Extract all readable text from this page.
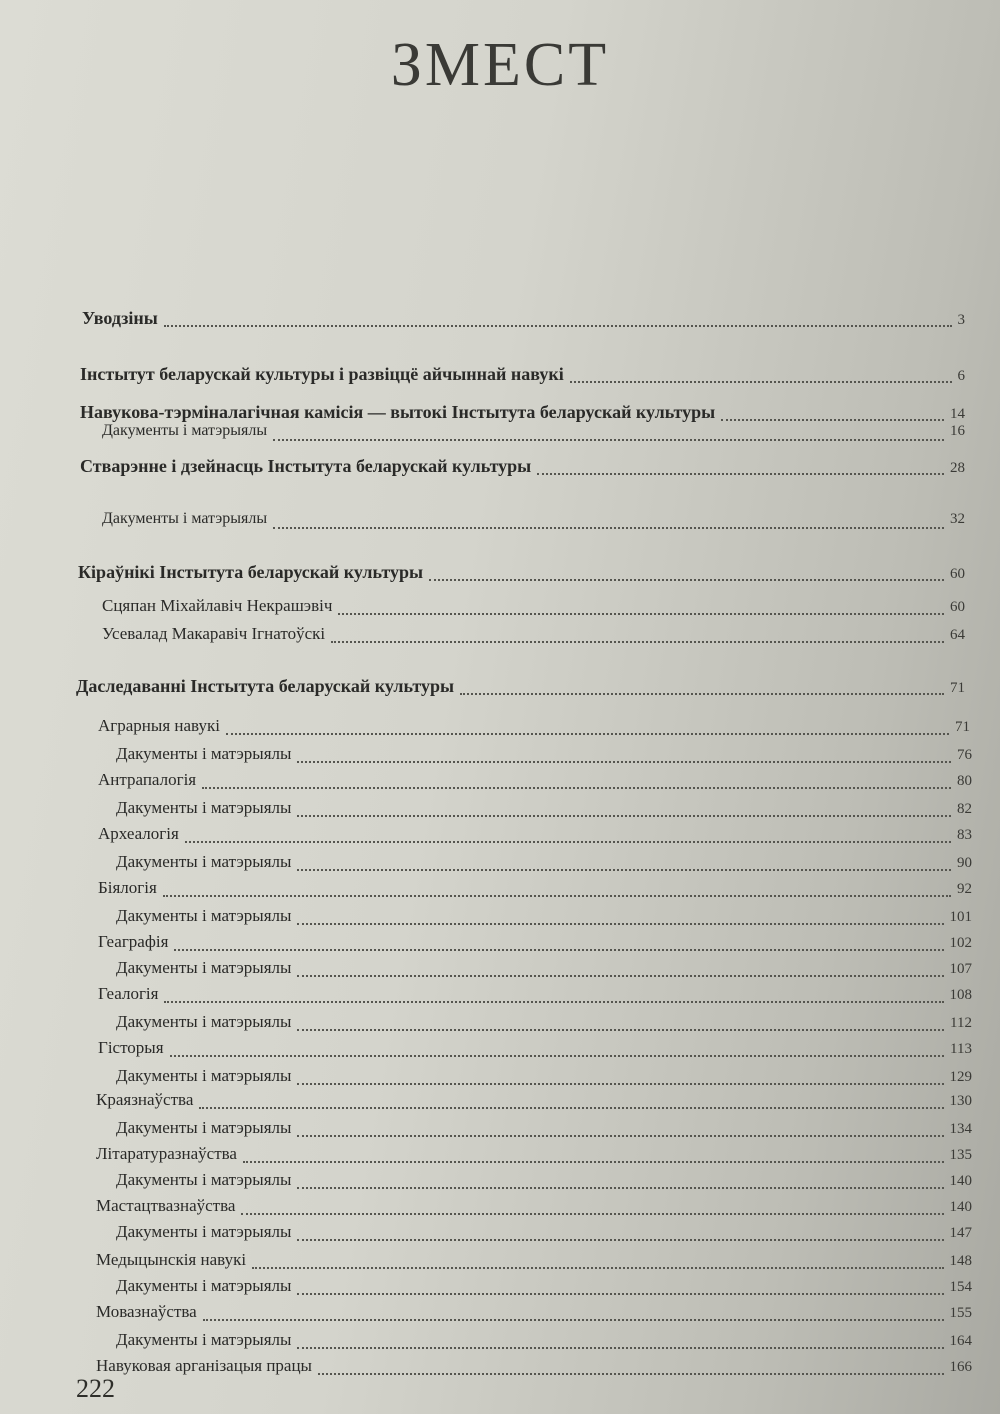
ЗМЕСТ
Уводзіны	3
Інстытут беларускай культуры і развіццё айчыннай навукі	6
Навукова-тэрміналагічная камісія — вытокі Інстытута беларускай культуры	14
Дакументы і матэрыялы	16
Стварэнне і дзейнасць Інстытута беларускай культуры	28
Дакументы і матэрыялы	32
Кіраўнікі Інстытута беларускай культуры	60
Сцяпан Міхайлавіч Некрашэвіч	60
Усевалад Макаравіч Ігнатоўскі	64
Даследаванні Інстытута беларускай культуры	71
Аграрныя навукі	71
Дакументы і матэрыялы	76
Антрапалогія	80
Дакументы і матэрыялы	82
Археалогія	83
Дакументы і матэрыялы	90
Біялогія	92
Дакументы і матэрыялы	101
Геаграфія	102
Дакументы і матэрыялы	107
Геалогія	108
Дакументы і матэрыялы	112
Гісторыя	113
Дакументы і матэрыялы	129
Краязнаўства	130
Дакументы і матэрыялы	134
Літаратуразнаўства	135
Дакументы і матэрыялы	140
Мастацтвазнаўства	140
Дакументы і матэрыялы	147
Медыцынскія навукі	148
Дакументы і матэрыялы	154
Мовазнаўства	155
Дакументы і матэрыялы	164
Навуковая арганізацыя працы	166
222
